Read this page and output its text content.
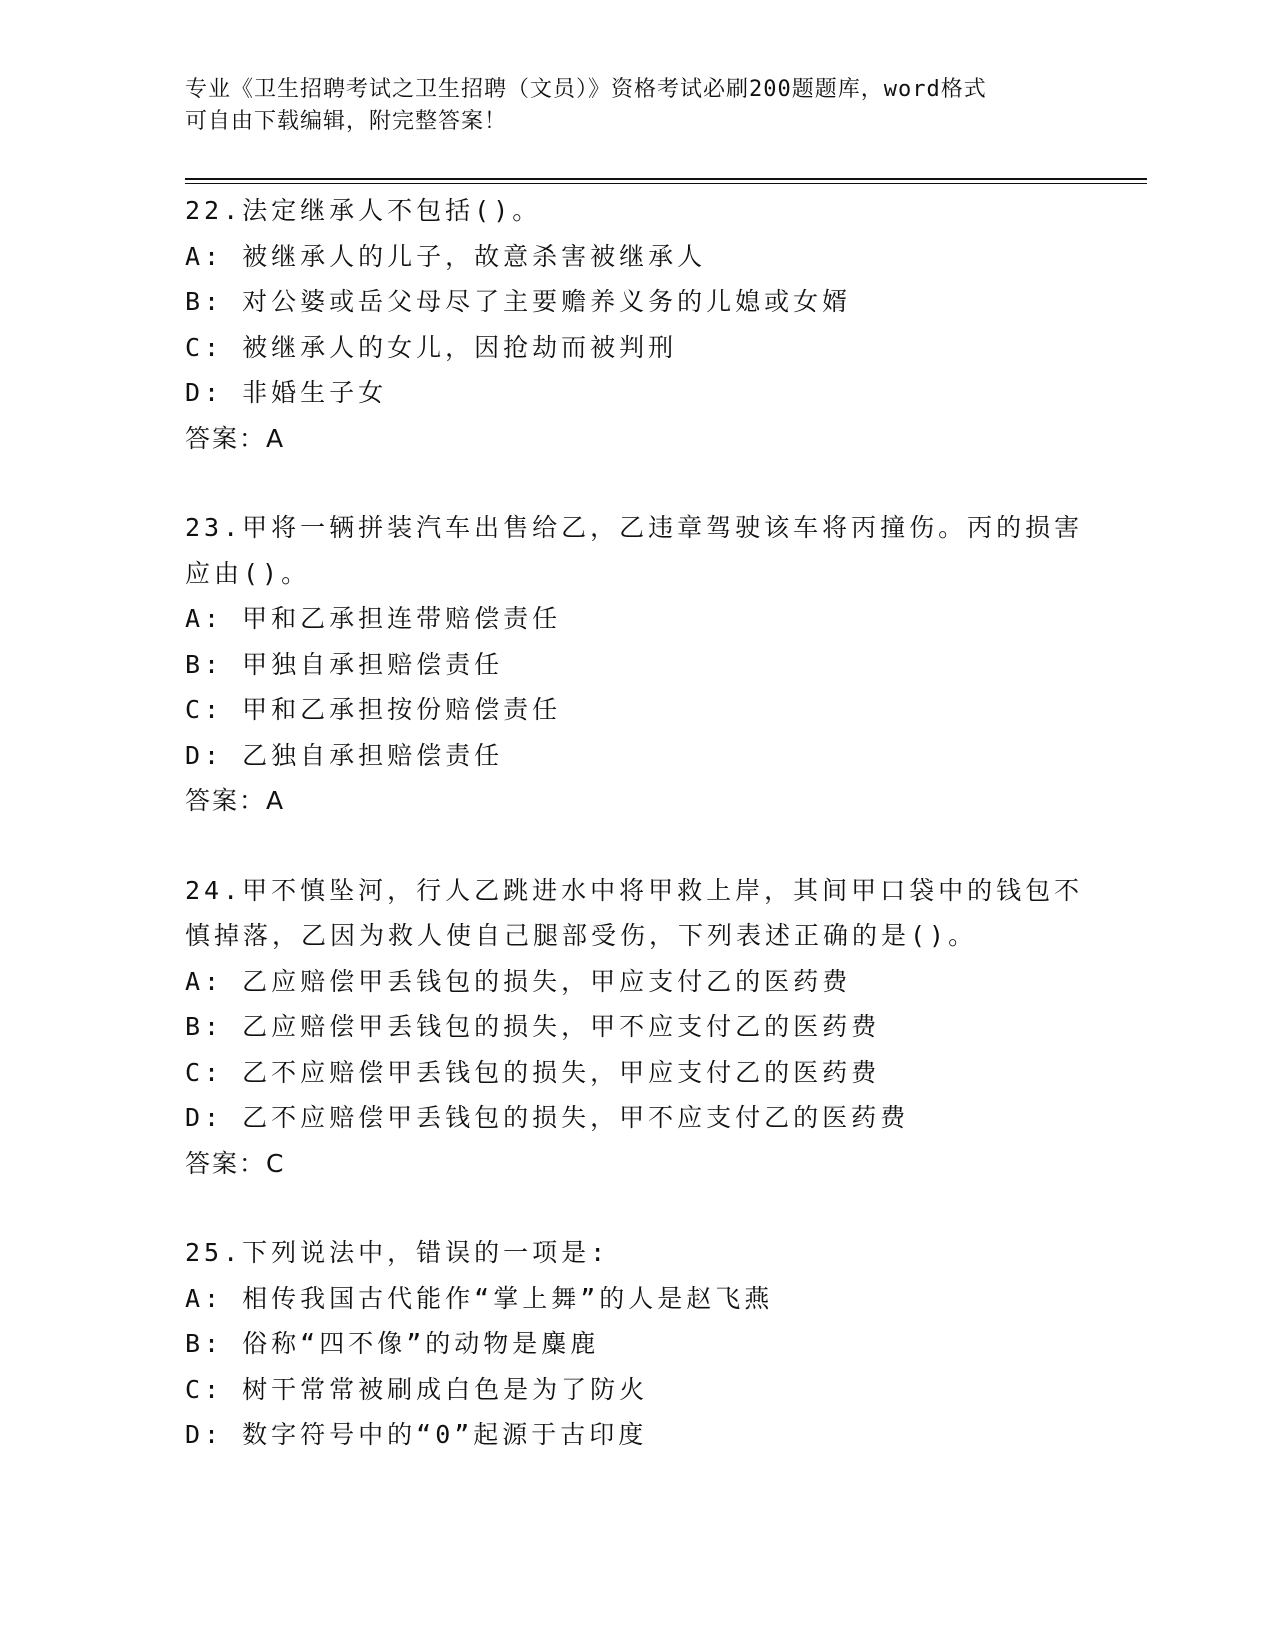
专业《卫生招聘考试之卫生招聘（文员）》资格考试必刷200题题库，word格式
可自由下载编辑，附完整答案！
22.法定继承人不包括()。
A: 被继承人的儿子，故意杀害被继承人
B: 对公婆或岳父母尽了主要赡养义务的儿媳或女婿
C: 被继承人的女儿，因抢劫而被判刑
D: 非婚生子女
答案：A
23.甲将一辆拼装汽车出售给乙，乙违章驾驶该车将丙撞伤。丙的损害
应由()。
A: 甲和乙承担连带赔偿责任
B: 甲独自承担赔偿责任
C: 甲和乙承担按份赔偿责任
D: 乙独自承担赔偿责任
答案：A
24.甲不慎坠河，行人乙跳进水中将甲救上岸，其间甲口袋中的钱包不
慎掉落，乙因为救人使自己腿部受伤，下列表述正确的是()。
A: 乙应赔偿甲丢钱包的损失，甲应支付乙的医药费
B: 乙应赔偿甲丢钱包的损失，甲不应支付乙的医药费
C: 乙不应赔偿甲丢钱包的损失，甲应支付乙的医药费
D: 乙不应赔偿甲丢钱包的损失，甲不应支付乙的医药费
答案：C
25.下列说法中，错误的一项是:
A: 相传我国古代能作“掌上舞”的人是赵飞燕
B: 俗称“四不像”的动物是麋鹿
C: 树干常常被刷成白色是为了防火
D: 数字符号中的“0”起源于古印度
